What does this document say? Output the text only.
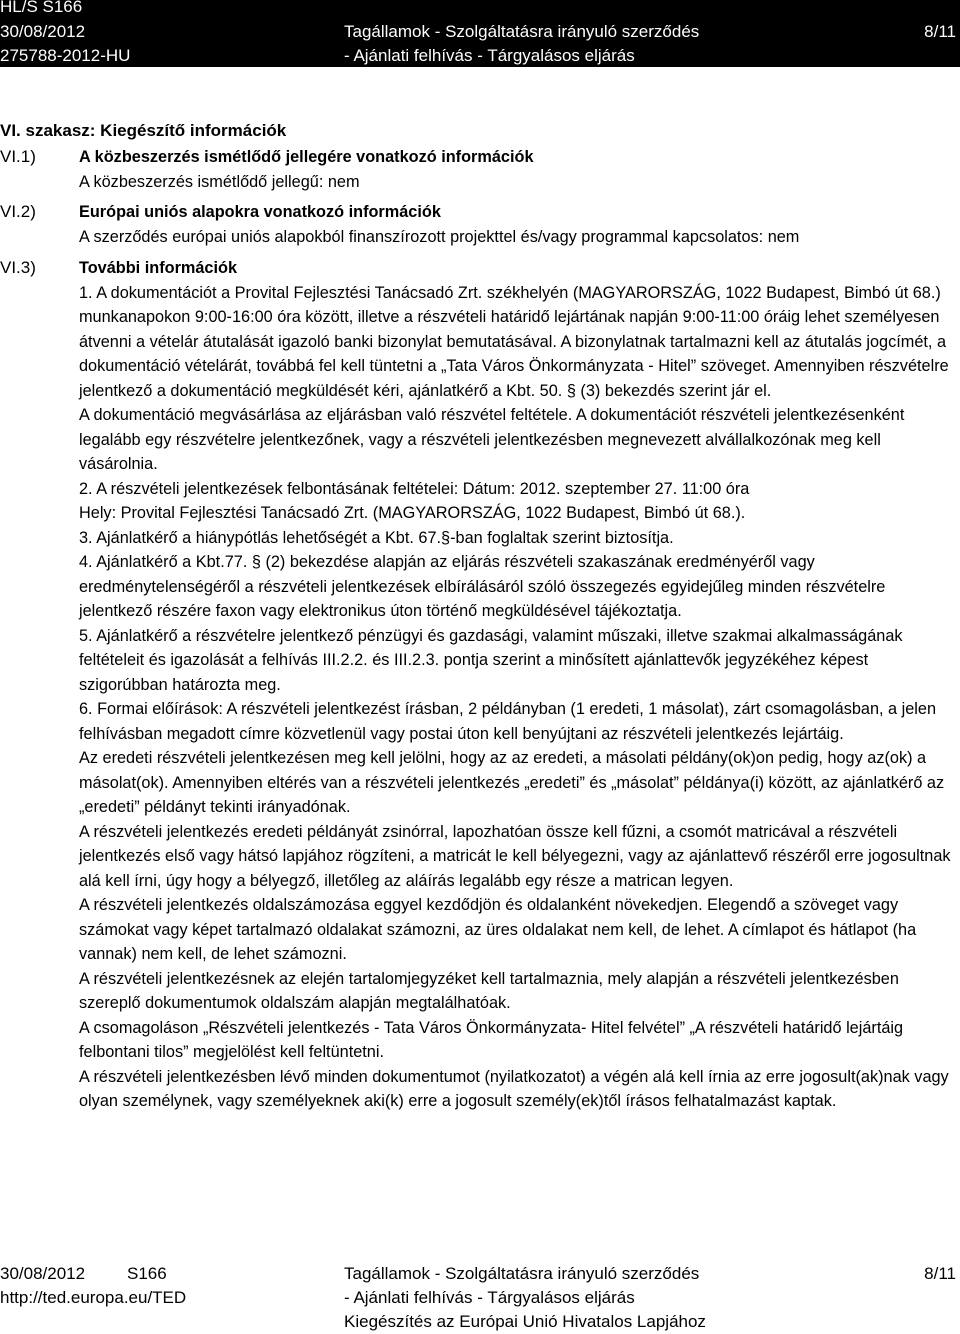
HL/S S166
30/08/2012
275788-2012-HU
Tagállamok - Szolgáltatásra irányuló szerződés
- Ajánlati felhívás - Tárgyalásos eljárás
8/11
VI. szakasz: Kiegészítő információk
VI.1)	A közbeszerzés ismétlődő jellegére vonatkozó információk

A közbeszerzés ismétlődő jellegű: nem

VI.2)	Európai uniós alapokra vonatkozó információk

A szerződés európai uniós alapokból finanszírozott projekttel és/vagy programmal kapcsolatos: nem

VI.3)	További információk

1. A dokumentációt a Provital Fejlesztési Tanácsadó Zrt. székhelyén (MAGYARORSZÁG, 1022 Budapest, Bimbó út 68.) munkanapokon 9:00-16:00 óra között, illetve a részvételi határidő lejártának napján 9:00-11:00 óráig lehet személyesen átvenni a vételár átutalását igazoló banki bizonylat bemutatásával. A bizonylatnak tartalmazni kell az átutalás jogcímét, a dokumentáció vételárát, továbbá fel kell tüntetni a „Tata Város Önkormányzata - Hitel” szöveget. Amennyiben részvételre jelentkező a dokumentáció megküldését kéri, ajánlatkérő a Kbt. 50. § (3) bekezdés szerint jár el.

A dokumentáció megvásárlása az eljárásban való részvétel feltétele. A dokumentációt részvételi jelentkezésenként legalább egy részvételre jelentkezőnek, vagy a részvételi jelentkezésben megnevezett alvállalkozónak meg kell vásárolnia.

2. A részvételi jelentkezések felbontásának feltételei: Dátum: 2012. szeptember 27. 11:00 óra

Hely: Provital Fejlesztési Tanácsadó Zrt. (MAGYARORSZÁG, 1022 Budapest, Bimbó út 68.).

3. Ajánlatkérő a hiánypótlás lehetőségét a Kbt. 67.§-ban foglaltak szerint biztosítja.

4. Ajánlatkérő a Kbt.77. § (2) bekezdése alapján az eljárás részvételi szakaszának eredményéről vagy eredménytelenségéről a részvételi jelentkezések elbírálásáról szóló összegezés egyidejűleg minden részvételre jelentkező részére faxon vagy elektronikus úton történő megküldésével tájékoztatja.

5. Ajánlatkérő a részvételre jelentkező pénzügyi és gazdasági, valamint műszaki, illetve szakmai alkalmasságának feltételeit és igazolását a felhívás III.2.2. és III.2.3. pontja szerint a minősített ajánlattevők jegyzékéhez képest szigorúbban határozta meg.

6. Formai előírások: A részvételi jelentkezést írásban, 2 példányban (1 eredeti, 1 másolat), zárt csomagolásban, a jelen felhívásban megadott címre közvetlenül vagy postai úton kell benyújtani az részvételi jelentkezés lejártáig.

Az eredeti részvételi jelentkezésen meg kell jelölni, hogy az az eredeti, a másolati példány(ok)on pedig, hogy az(ok) a másolat(ok). Amennyiben eltérés van a részvételi jelentkezés „eredeti” és „másolat” példánya(i) között, az ajánlatkérő az „eredeti” példányt tekinti irányadónak.

A részvételi jelentkezés eredeti példányát zsinórral, lapozhatóan össze kell fűzni, a csomót matricával a részvételi jelentkezés első vagy hátsó lapjához rögzíteni, a matricát le kell bélyegezni, vagy az ajánlattevő részéről erre jogosultnak alá kell írni, úgy hogy a bélyegző, illetőleg az aláírás legalább egy része a matrican legyen.

A részvételi jelentkezés oldalszámozása eggyel kezdődjön és oldalanként növekedjen. Elegendő a szöveget vagy számokat vagy képet tartalmazó oldalakat számozni, az üres oldalakat nem kell, de lehet. A címlapot és hátlapot (ha vannak) nem kell, de lehet számozni.

A részvételi jelentkezésnek az elején tartalomjegyzéket kell tartalmaznia, mely alapján a részvételi jelentkezésben szereplő dokumentumok oldalszám alapján megtalálhatóak.

A csomagoláson „Részvételi jelentkezés - Tata Város Önkormányzata- Hitel felvétel” „A részvételi határidő lejártáig felbontani tilos” megjelölést kell feltüntetni.

A részvételi jelentkezésben lévő minden dokumentumot (nyilatkozatot) a végén alá kell írnia az erre jogosult(ak)nak vagy olyan személynek, vagy személyeknek aki(k) erre a jogosult személy(ek)től írásos felhatalmazást kaptak.

30/08/2012 S166
http://ted.europa.eu/TED
Tagállamok - Szolgáltatásra irányuló szerződés
- Ajánlati felhívás - Tárgyalásos eljárás
Kiegészítés az Európai Unió Hivatalos Lapjához
8/11
